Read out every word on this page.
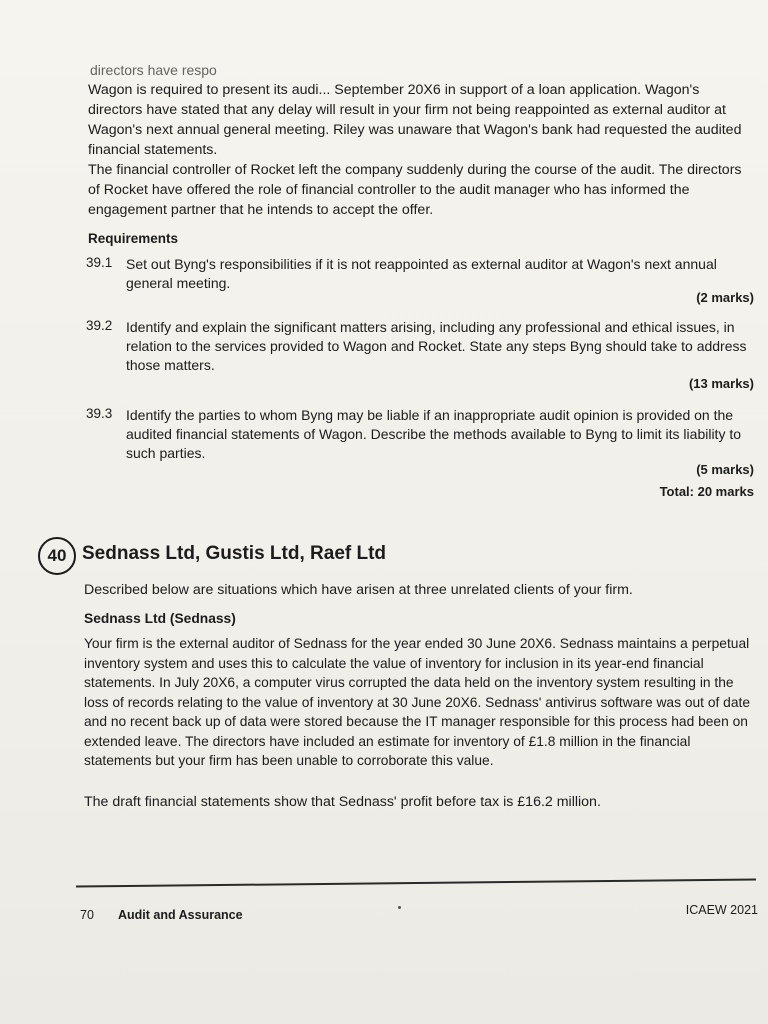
directors have respo
Wagon is required to present its audi... September 20X6 in support of a loan application. Wagon's directors have stated that any delay will result in your firm not being reappointed as external auditor at Wagon's next annual general meeting. Riley was unaware that Wagon's bank had requested the audited financial statements.
The financial controller of Rocket left the company suddenly during the course of the audit. The directors of Rocket have offered the role of financial controller to the audit manager who has informed the engagement partner that he intends to accept the offer.
Requirements
39.1 Set out Byng's responsibilities if it is not reappointed as external auditor at Wagon's next annual general meeting.
(2 marks)
39.2 Identify and explain the significant matters arising, including any professional and ethical issues, in relation to the services provided to Wagon and Rocket. State any steps Byng should take to address those matters.
(13 marks)
39.3 Identify the parties to whom Byng may be liable if an inappropriate audit opinion is provided on the audited financial statements of Wagon. Describe the methods available to Byng to limit its liability to such parties.
(5 marks)
Total: 20 marks
40 Sednass Ltd, Gustis Ltd, Raef Ltd
Described below are situations which have arisen at three unrelated clients of your firm.
Sednass Ltd (Sednass)
Your firm is the external auditor of Sednass for the year ended 30 June 20X6. Sednass maintains a perpetual inventory system and uses this to calculate the value of inventory for inclusion in its year-end financial statements. In July 20X6, a computer virus corrupted the data held on the inventory system resulting in the loss of records relating to the value of inventory at 30 June 20X6. Sednass' antivirus software was out of date and no recent back up of data were stored because the IT manager responsible for this process had been on extended leave. The directors have included an estimate for inventory of £1.8 million in the financial statements but your firm has been unable to corroborate this value.
The draft financial statements show that Sednass' profit before tax is £16.2 million.
70 Audit and Assurance	ICAEW 2021
